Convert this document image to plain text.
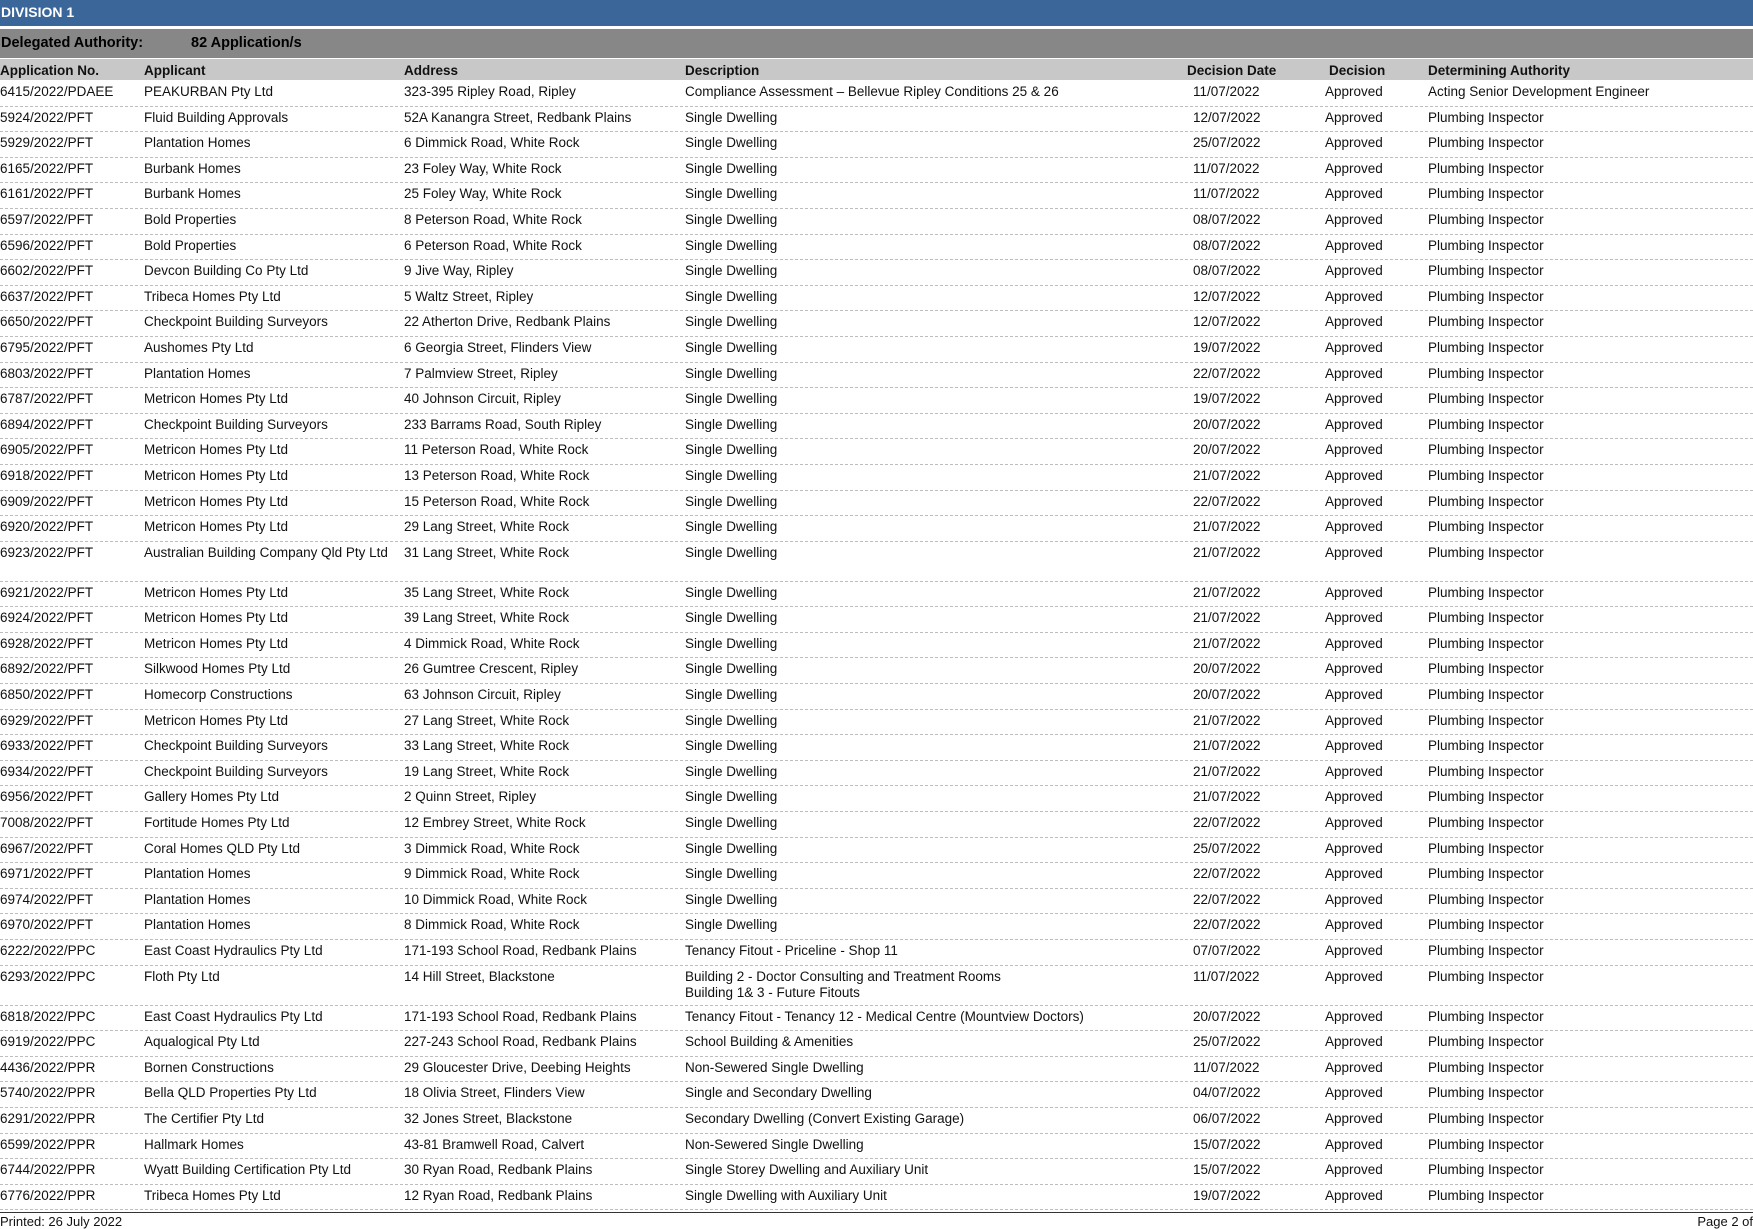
DIVISION 1
Delegated Authority:	82 Application/s
Application No.	Applicant	Address	Description	Decision Date	Decision	Determining Authority
6415/2022/PDAEE PEAKURBAN Pty Ltd	323-395 Ripley Road, Ripley	Compliance Assessment – Bellevue Ripley Conditions 25 & 26	11/07/2022	Approved	Acting Senior Development Engineer
5924/2022/PFT	Fluid Building Approvals	52A Kanangra Street, Redbank Plains	Single Dwelling	12/07/2022	Approved	Plumbing Inspector
5929/2022/PFT	Plantation Homes	6 Dimmick Road, White Rock	Single Dwelling	25/07/2022	Approved	Plumbing Inspector
6165/2022/PFT	Burbank Homes	23 Foley Way, White Rock	Single Dwelling	11/07/2022	Approved	Plumbing Inspector
6161/2022/PFT	Burbank Homes	25 Foley Way, White Rock	Single Dwelling	11/07/2022	Approved	Plumbing Inspector
6597/2022/PFT	Bold Properties	8 Peterson Road, White Rock	Single Dwelling	08/07/2022	Approved	Plumbing Inspector
6596/2022/PFT	Bold Properties	6 Peterson Road, White Rock	Single Dwelling	08/07/2022	Approved	Plumbing Inspector
6602/2022/PFT	Devcon Building Co Pty Ltd	9 Jive Way, Ripley	Single Dwelling	08/07/2022	Approved	Plumbing Inspector
6637/2022/PFT	Tribeca Homes Pty Ltd	5 Waltz Street, Ripley	Single Dwelling	12/07/2022	Approved	Plumbing Inspector
6650/2022/PFT	Checkpoint Building Surveyors	22 Atherton Drive, Redbank Plains	Single Dwelling	12/07/2022	Approved	Plumbing Inspector
6795/2022/PFT	Aushomes Pty Ltd	6 Georgia Street, Flinders View	Single Dwelling	19/07/2022	Approved	Plumbing Inspector
6803/2022/PFT	Plantation Homes	7 Palmview Street, Ripley	Single Dwelling	22/07/2022	Approved	Plumbing Inspector
6787/2022/PFT	Metricon Homes Pty Ltd	40 Johnson Circuit, Ripley	Single Dwelling	19/07/2022	Approved	Plumbing Inspector
6894/2022/PFT	Checkpoint Building Surveyors	233 Barrams Road, South Ripley	Single Dwelling	20/07/2022	Approved	Plumbing Inspector
6905/2022/PFT	Metricon Homes Pty Ltd	11 Peterson Road, White Rock	Single Dwelling	20/07/2022	Approved	Plumbing Inspector
6918/2022/PFT	Metricon Homes Pty Ltd	13 Peterson Road, White Rock	Single Dwelling	21/07/2022	Approved	Plumbing Inspector
6909/2022/PFT	Metricon Homes Pty Ltd	15 Peterson Road, White Rock	Single Dwelling	22/07/2022	Approved	Plumbing Inspector
6920/2022/PFT	Metricon Homes Pty Ltd	29 Lang Street, White Rock	Single Dwelling	21/07/2022	Approved	Plumbing Inspector
6923/2022/PFT	Australian Building Company Qld Pty Ltd	31 Lang Street, White Rock	Single Dwelling	21/07/2022	Approved	Plumbing Inspector
6921/2022/PFT	Metricon Homes Pty Ltd	35 Lang Street, White Rock	Single Dwelling	21/07/2022	Approved	Plumbing Inspector
6924/2022/PFT	Metricon Homes Pty Ltd	39 Lang Street, White Rock	Single Dwelling	21/07/2022	Approved	Plumbing Inspector
6928/2022/PFT	Metricon Homes Pty Ltd	4 Dimmick Road, White Rock	Single Dwelling	21/07/2022	Approved	Plumbing Inspector
6892/2022/PFT	Silkwood Homes Pty Ltd	26 Gumtree Crescent, Ripley	Single Dwelling	20/07/2022	Approved	Plumbing Inspector
6850/2022/PFT	Homecorp Constructions	63 Johnson Circuit, Ripley	Single Dwelling	20/07/2022	Approved	Plumbing Inspector
6929/2022/PFT	Metricon Homes Pty Ltd	27 Lang Street, White Rock	Single Dwelling	21/07/2022	Approved	Plumbing Inspector
6933/2022/PFT	Checkpoint Building Surveyors	33 Lang Street, White Rock	Single Dwelling	21/07/2022	Approved	Plumbing Inspector
6934/2022/PFT	Checkpoint Building Surveyors	19 Lang Street, White Rock	Single Dwelling	21/07/2022	Approved	Plumbing Inspector
6956/2022/PFT	Gallery Homes Pty Ltd	2 Quinn Street, Ripley	Single Dwelling	21/07/2022	Approved	Plumbing Inspector
7008/2022/PFT	Fortitude Homes Pty Ltd	12 Embrey Street, White Rock	Single Dwelling	22/07/2022	Approved	Plumbing Inspector
6967/2022/PFT	Coral Homes QLD Pty Ltd	3 Dimmick Road, White Rock	Single Dwelling	25/07/2022	Approved	Plumbing Inspector
6971/2022/PFT	Plantation Homes	9 Dimmick Road, White Rock	Single Dwelling	22/07/2022	Approved	Plumbing Inspector
6974/2022/PFT	Plantation Homes	10 Dimmick Road, White Rock	Single Dwelling	22/07/2022	Approved	Plumbing Inspector
6970/2022/PFT	Plantation Homes	8 Dimmick Road, White Rock	Single Dwelling	22/07/2022	Approved	Plumbing Inspector
6222/2022/PPC	East Coast Hydraulics Pty Ltd	171-193 School Road, Redbank Plains	Tenancy Fitout - Priceline - Shop 11	07/07/2022	Approved	Plumbing Inspector
6293/2022/PPC	Floth Pty Ltd	14 Hill Street, Blackstone	Building 2 - Doctor Consulting and Treatment Rooms	11/07/2022	Approved	Plumbing Inspector
Building 1& 3 - Future Fitouts
6818/2022/PPC	East Coast Hydraulics Pty Ltd	171-193 School Road, Redbank Plains	Tenancy Fitout - Tenancy 12 - Medical Centre (Mountview Doctors)	20/07/2022	Approved	Plumbing Inspector
6919/2022/PPC	Aqualogical Pty Ltd	227-243 School Road, Redbank Plains	School Building & Amenities	25/07/2022	Approved	Plumbing Inspector
4436/2022/PPR	Bornen Constructions	29 Gloucester Drive, Deebing Heights	Non-Sewered Single Dwelling	11/07/2022	Approved	Plumbing Inspector
5740/2022/PPR	Bella QLD Properties Pty Ltd	18 Olivia Street, Flinders View	Single and Secondary Dwelling	04/07/2022	Approved	Plumbing Inspector
6291/2022/PPR	The Certifier Pty Ltd	32 Jones Street, Blackstone	Secondary Dwelling (Convert Existing Garage)	06/07/2022	Approved	Plumbing Inspector
6599/2022/PPR	Hallmark Homes	43-81 Bramwell Road, Calvert	Non-Sewered Single Dwelling	15/07/2022	Approved	Plumbing Inspector
6744/2022/PPR	Wyatt Building Certification Pty Ltd	30 Ryan Road, Redbank Plains	Single Storey Dwelling and Auxiliary Unit	15/07/2022	Approved	Plumbing Inspector
6776/2022/PPR	Tribeca Homes Pty Ltd	12 Ryan Road, Redbank Plains	Single Dwelling with Auxiliary Unit	19/07/2022	Approved	Plumbing Inspector
Printed: 26 July 2022	Page 2 of
